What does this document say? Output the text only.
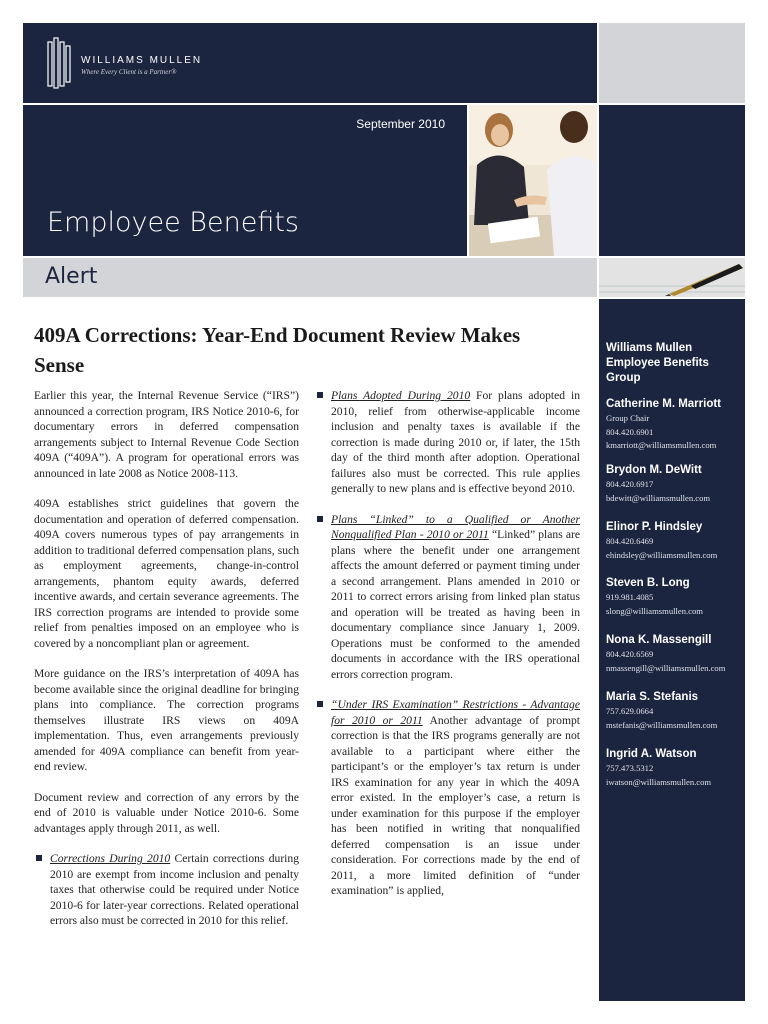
WILLIAMS MULLEN
Where Every Client is a Partner®
September 2010
Employee Benefits
Alert
Williams Mullen Employee Benefits Group
Catherine M. Marriott
Group Chair
804.420.6901
kmarriott@williamsmullen.com
Brydon M. DeWitt
804.420.6917
bdewitt@williamsmullen.com
Elinor P. Hindsley
804.420.6469
ehindsley@williamsmullen.com
Steven B. Long
919.981.4085
slong@williamsmullen.com
Nona K. Massengill
804.420.6569
nmassengill@williamsmullen.com
Maria S. Stefanis
757.629.0664
mstefanis@williamsmullen.com
Ingrid A. Watson
757.473.5312
iwatson@williamsmullen.com
409A Corrections: Year-End Document Review Makes Sense

Earlier this year, the Internal Revenue Service (“IRS”) announced a correction program, IRS Notice 2010-6, for documentary errors in deferred compensation arrangements subject to Internal Revenue Code Section 409A (“409A”). A program for operational errors was announced in late 2008 as Notice 2008-113.

409A establishes strict guidelines that govern the documentation and operation of deferred compensation. 409A covers numerous types of pay arrangements in addition to traditional deferred compensation plans, such as employment agreements, change-in-control arrangements, phantom equity awards, deferred incentive awards, and certain severance agreements. The IRS correction programs are intended to provide some relief from penalties imposed on an employee who is covered by a noncompliant plan or agreement.

More guidance on the IRS’s interpretation of 409A has become available since the original deadline for bringing plans into compliance. The correction programs themselves illustrate IRS views on 409A implementation. Thus, even arrangements previously amended for 409A compliance can benefit from year-end review.

Document review and correction of any errors by the end of 2010 is valuable under Notice 2010-6. Some advantages apply through 2011, as well.

Corrections During 2010 Certain corrections during 2010 are exempt from income inclusion and penalty taxes that otherwise could be required under Notice 2010-6 for later-year corrections. Related operational errors also must be corrected in 2010 for this relief.
Plans Adopted During 2010 For plans adopted in 2010, relief from otherwise-applicable income inclusion and penalty taxes is available if the correction is made during 2010 or, if later, the 15th day of the third month after adoption. Operational failures also must be corrected. This rule applies generally to new plans and is effective beyond 2010.
Plans “Linked” to a Qualified or Another Nonqualified Plan - 2010 or 2011 “Linked” plans are plans where the benefit under one arrangement affects the amount deferred or payment timing under a second arrangement. Plans amended in 2010 or 2011 to correct errors arising from linked plan status and operation will be treated as having been in documentary compliance since January 1, 2009. Operations must be conformed to the amended documents in accordance with the IRS operational errors correction program.
“Under IRS Examination” Restrictions - Advantage for 2010 or 2011 Another advantage of prompt correction is that the IRS programs generally are not available to a participant where either the participant’s or the employer’s tax return is under IRS examination for any year in which the 409A error existed. In the employer’s case, a return is under examination for this purpose if the employer has been notified in writing that nonqualified deferred compensation is an issue under consideration. For corrections made by the end of 2011, a more limited definition of “under examination” is applied,
